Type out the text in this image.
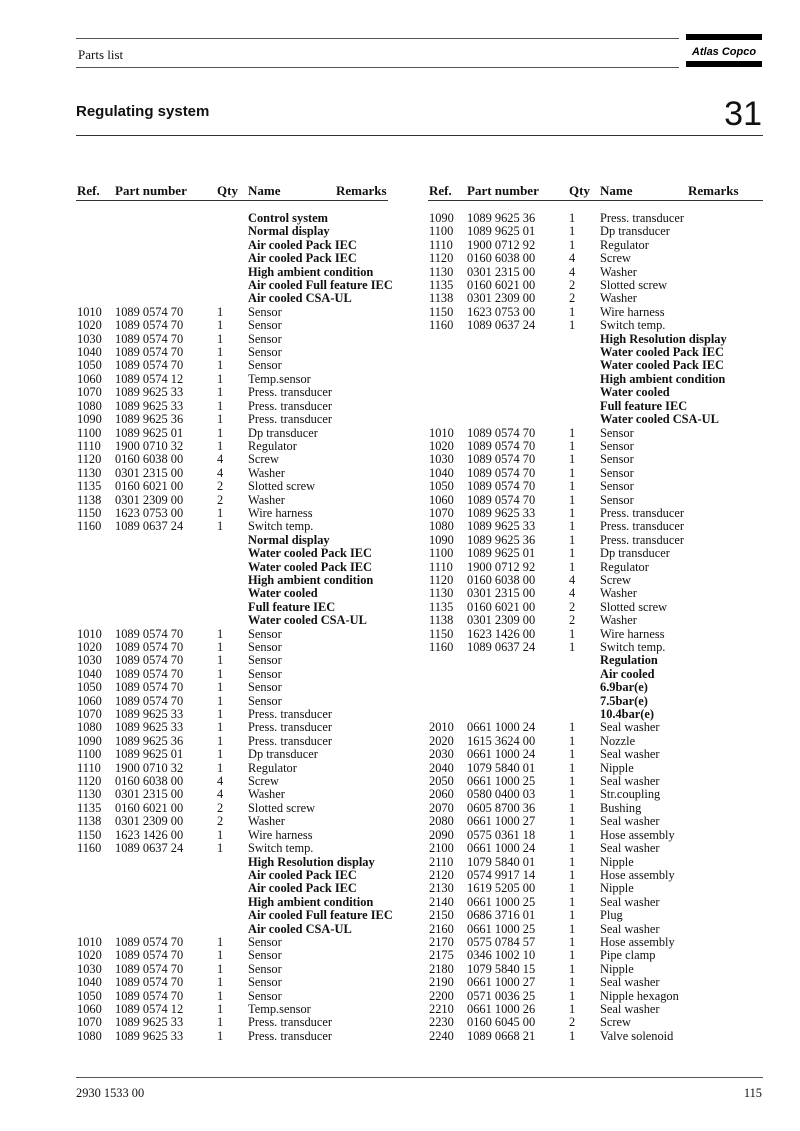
Parts list	Atlas Copco
Regulating system	31
Ref. Part number Qty Name	Remarks	Ref. Part number Qty Name	Remarks
Control system
Normal display
Air cooled Pack IEC
Air cooled Pack IEC
High ambient condition
Air cooled Full feature IEC
Air cooled CSA-UL
1010 1089 0574 70	1 Sensor
1020 1089 0574 70	1 Sensor
1030 1089 0574 70	1 Sensor
1040 1089 0574 70	1 Sensor
1050 1089 0574 70	1 Sensor
1060 1089 0574 12	1 Temp.sensor
1070 1089 9625 33	1 Press. transducer
1080 1089 9625 33	1 Press. transducer
1090 1089 9625 36	1 Press. transducer
1100 1089 9625 01	1 Dp transducer
1110 1900 0710 32	1 Regulator
1120 0160 6038 00	4 Screw
1130 0301 2315 00	4 Washer
1135 0160 6021 00	2 Slotted screw
1138 0301 2309 00	2 Washer
1150 1623 0753 00	1 Wire harness
1160 1089 0637 24	1 Switch temp.
Normal display
Water cooled Pack IEC
Water cooled Pack IEC
High ambient condition
Water cooled
Full feature IEC
Water cooled CSA-UL
1010 1089 0574 70	1 Sensor
1020 1089 0574 70	1 Sensor
1030 1089 0574 70	1 Sensor
1040 1089 0574 70	1 Sensor
1050 1089 0574 70	1 Sensor
1060 1089 0574 70	1 Sensor
1070 1089 9625 33	1 Press. transducer
1080 1089 9625 33	1 Press. transducer
1090 1089 9625 36	1 Press. transducer
1100 1089 9625 01	1 Dp transducer
1110 1900 0710 32	1 Regulator
1120 0160 6038 00	4 Screw
1130 0301 2315 00	4 Washer
1135 0160 6021 00	2 Slotted screw
1138 0301 2309 00	2 Washer
1150 1623 1426 00	1 Wire harness
1160 1089 0637 24	1 Switch temp.
High Resolution display
Air cooled Pack IEC
Air cooled Pack IEC
High ambient condition
Air cooled Full feature IEC
Air cooled CSA-UL
1010 1089 0574 70	1 Sensor
1020 1089 0574 70	1 Sensor
1030 1089 0574 70	1 Sensor
1040 1089 0574 70	1 Sensor
1050 1089 0574 70	1 Sensor
1060 1089 0574 12	1 Temp.sensor
1070 1089 9625 33	1 Press. transducer
1080 1089 9625 33	1 Press. transducer
1090 1089 9625 36	1 Press. transducer
1100 1089 9625 01	1 Dp transducer
1110 1900 0712 92	1 Regulator
1120 0160 6038 00	4 Screw
1130 0301 2315 00	4 Washer
1135 0160 6021 00	2 Slotted screw
1138 0301 2309 00	2 Washer
1150 1623 0753 00	1 Wire harness
1160 1089 0637 24	1 Switch temp.
High Resolution display
Water cooled Pack IEC
Water cooled Pack IEC
High ambient condition
Water cooled
Full feature IEC
Water cooled CSA-UL
1010 1089 0574 70	1 Sensor
1020 1089 0574 70	1 Sensor
1030 1089 0574 70	1 Sensor
1040 1089 0574 70	1 Sensor
1050 1089 0574 70	1 Sensor
1060 1089 0574 70	1 Sensor
1070 1089 9625 33	1 Press. transducer
1080 1089 9625 33	1 Press. transducer
1090 1089 9625 36	1 Press. transducer
1100 1089 9625 01	1 Dp transducer
1110 1900 0712 92	1 Regulator
1120 0160 6038 00	4 Screw
1130 0301 2315 00	4 Washer
1135 0160 6021 00	2 Slotted screw
1138 0301 2309 00	2 Washer
1150 1623 1426 00	1 Wire harness
1160 1089 0637 24	1 Switch temp.
Regulation
Air cooled
6.9bar(e)
7.5bar(e)
10.4bar(e)
2010 0661 1000 24	1 Seal washer
2020 1615 3624 00	1 Nozzle
2030 0661 1000 24	1 Seal washer
2040 1079 5840 01	1 Nipple
2050 0661 1000 25	1 Seal washer
2060 0580 0400 03	1 Str.coupling
2070 0605 8700 36	1 Bushing
2080 0661 1000 27	1 Seal washer
2090 0575 0361 18	1 Hose assembly
2100 0661 1000 24	1 Seal washer
2110 1079 5840 01	1 Nipple
2120 0574 9917 14	1 Hose assembly
2130 1619 5205 00	1 Nipple
2140 0661 1000 25	1 Seal washer
2150 0686 3716 01	1 Plug
2160 0661 1000 25	1 Seal washer
2170 0575 0784 57	1 Hose assembly
2175 0346 1002 10	1 Pipe clamp
2180 1079 5840 15	1 Nipple
2190 0661 1000 27	1 Seal washer
2200 0571 0036 25	1 Nipple hexagon
2210 0661 1000 26	1 Seal washer
2230 0160 6045 00	2 Screw
2240 1089 0668 21	1 Valve solenoid
2930 1533 00	115
